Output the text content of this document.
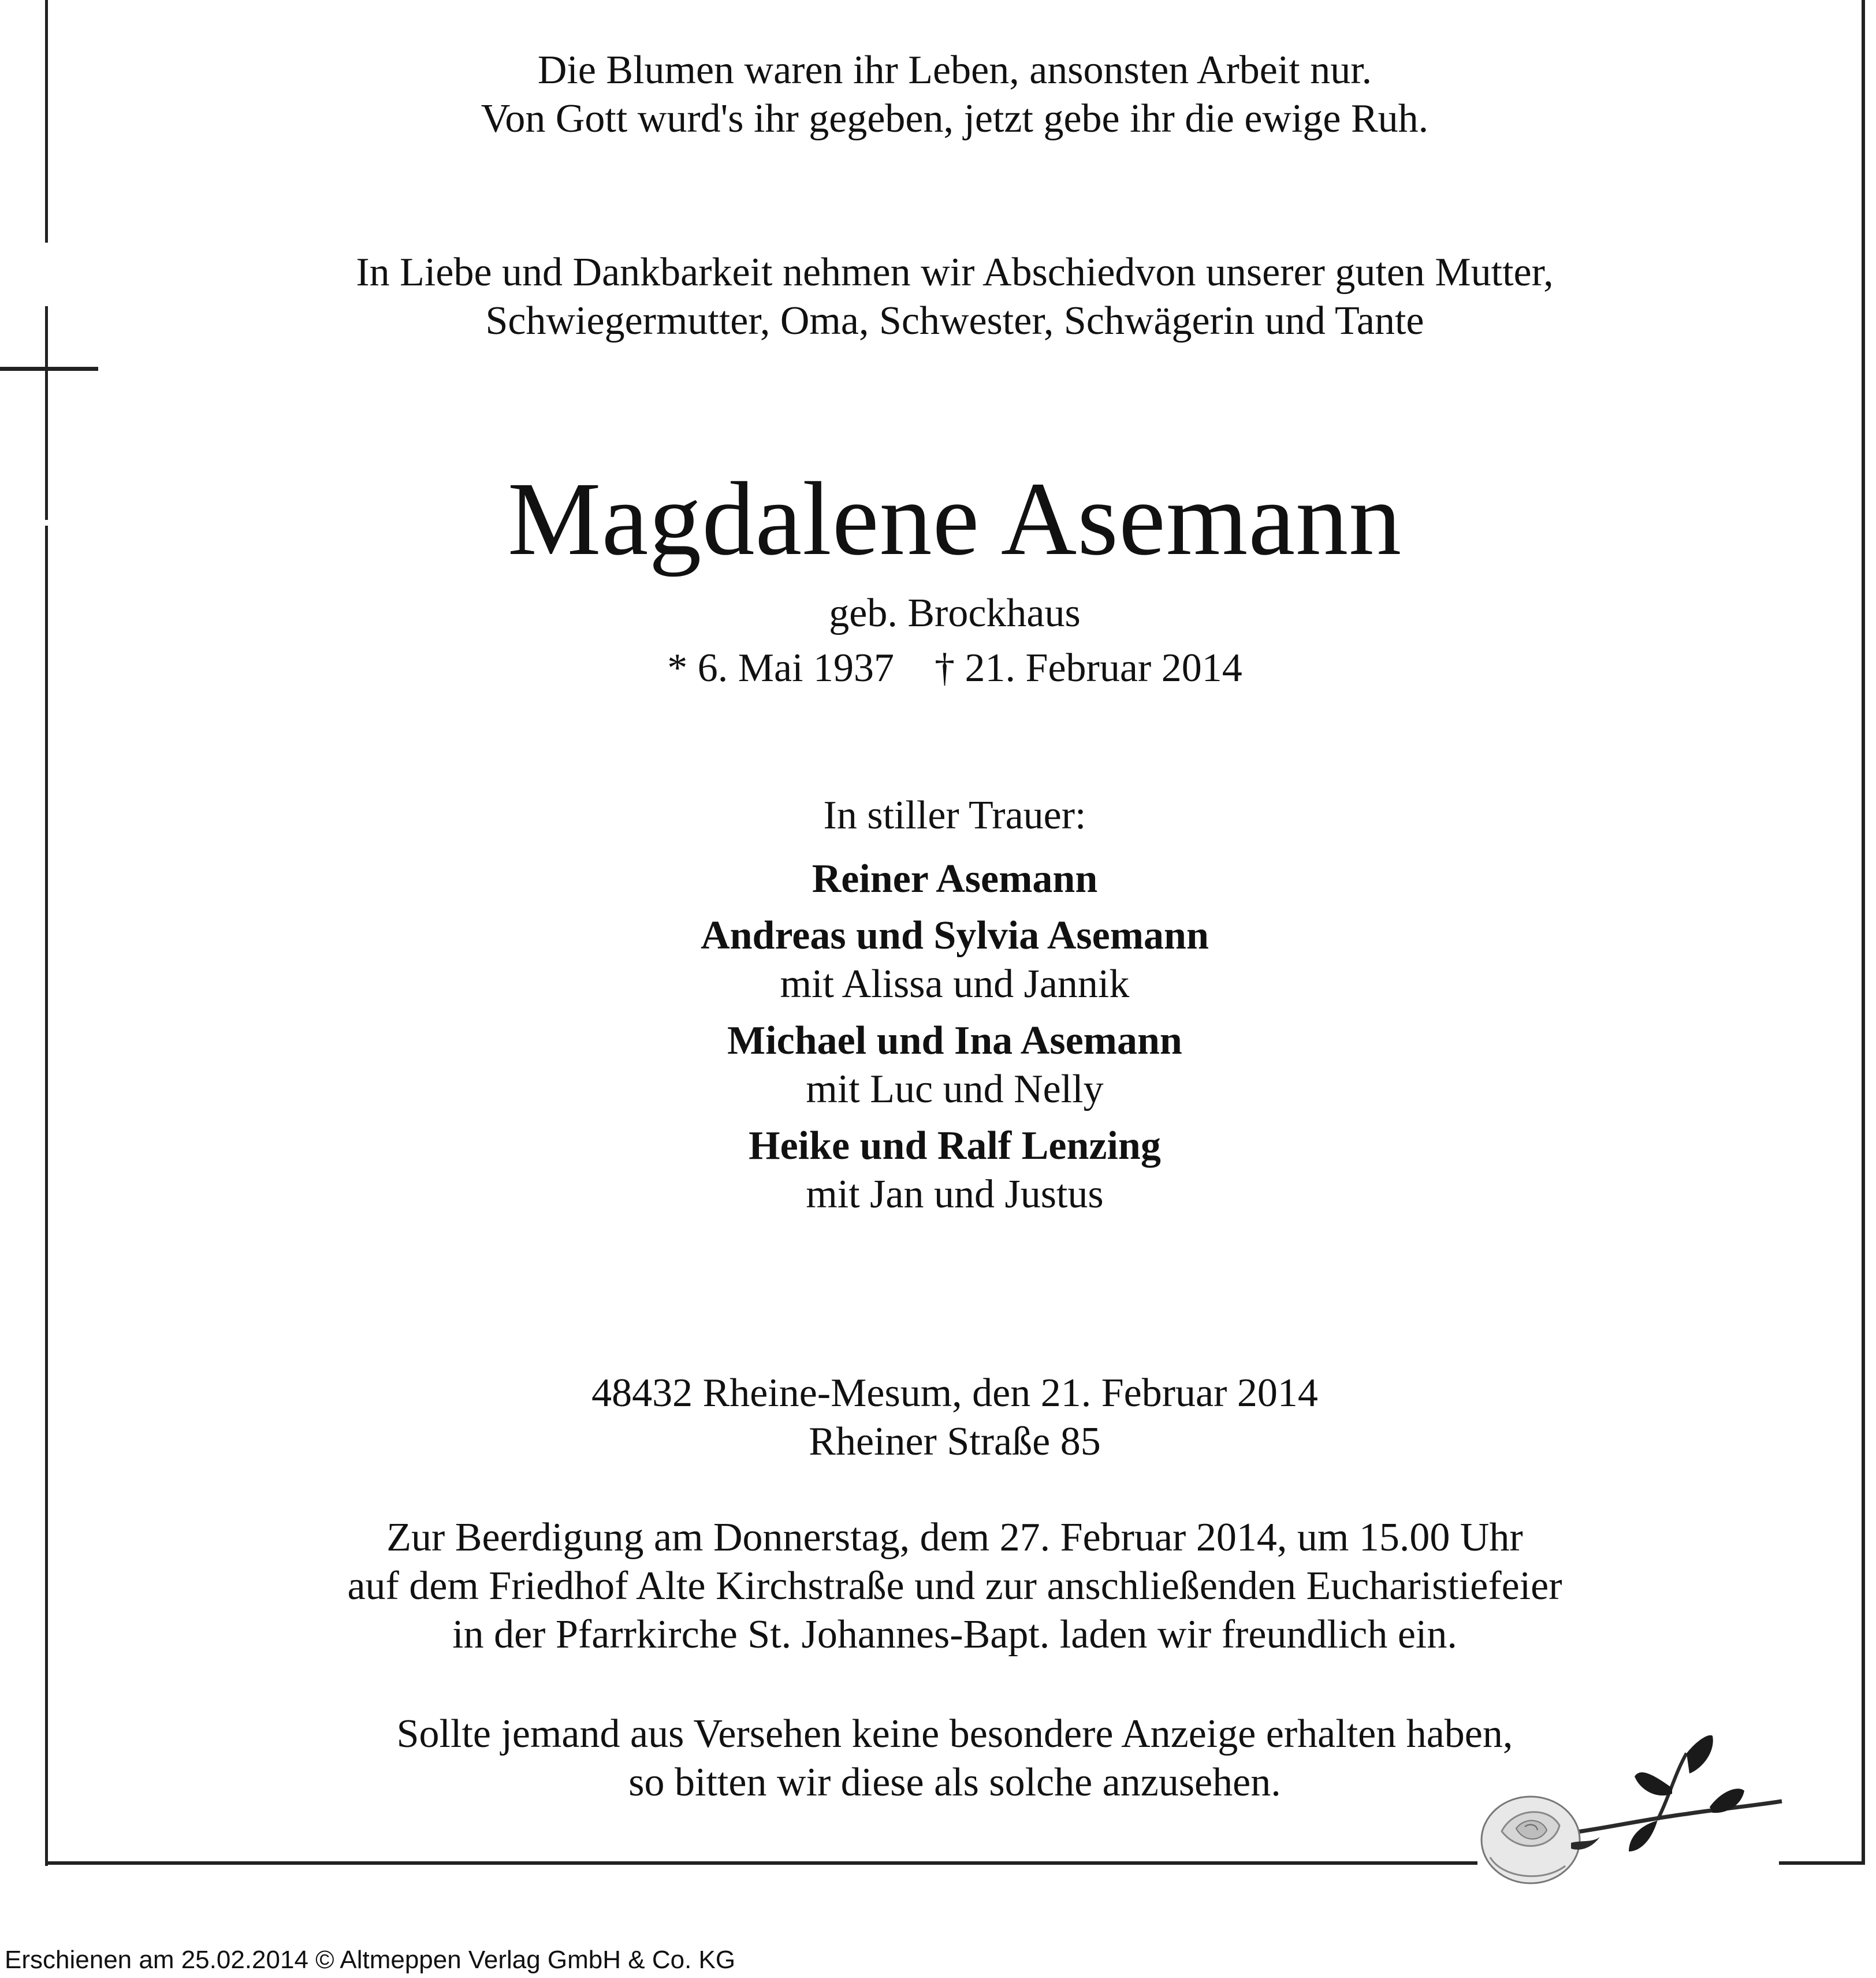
Die Blumen waren ihr Leben, ansonsten Arbeit nur.
Von Gott wurd's ihr gegeben, jetzt gebe ihr die ewige Ruh.
In Liebe und Dankbarkeit nehmen wir Abschiedvon unserer guten Mutter,
Schwiegermutter, Oma, Schwester, Schwägerin und Tante
Magdalene Asemann
geb. Brockhaus
* 6. Mai 1937 † 21. Februar 2014
In stiller Trauer:
Reiner Asemann
Andreas und Sylvia Asemann
mit Alissa und Jannik
Michael und Ina Asemann
mit Luc und Nelly
Heike und Ralf Lenzing
mit Jan und Justus
48432 Rheine-Mesum, den 21. Februar 2014
Rheiner Straße 85
Zur Beerdigung am Donnerstag, dem 27. Februar 2014, um 15.00 Uhr
auf dem Friedhof Alte Kirchstraße und zur anschließenden Eucharistiefeier
in der Pfarrkirche St. Johannes-Bapt. laden wir freundlich ein.
Sollte jemand aus Versehen keine besondere Anzeige erhalten haben,
so bitten wir diese als solche anzusehen.
Erschienen am 25.02.2014 © Altmeppen Verlag GmbH & Co. KG
